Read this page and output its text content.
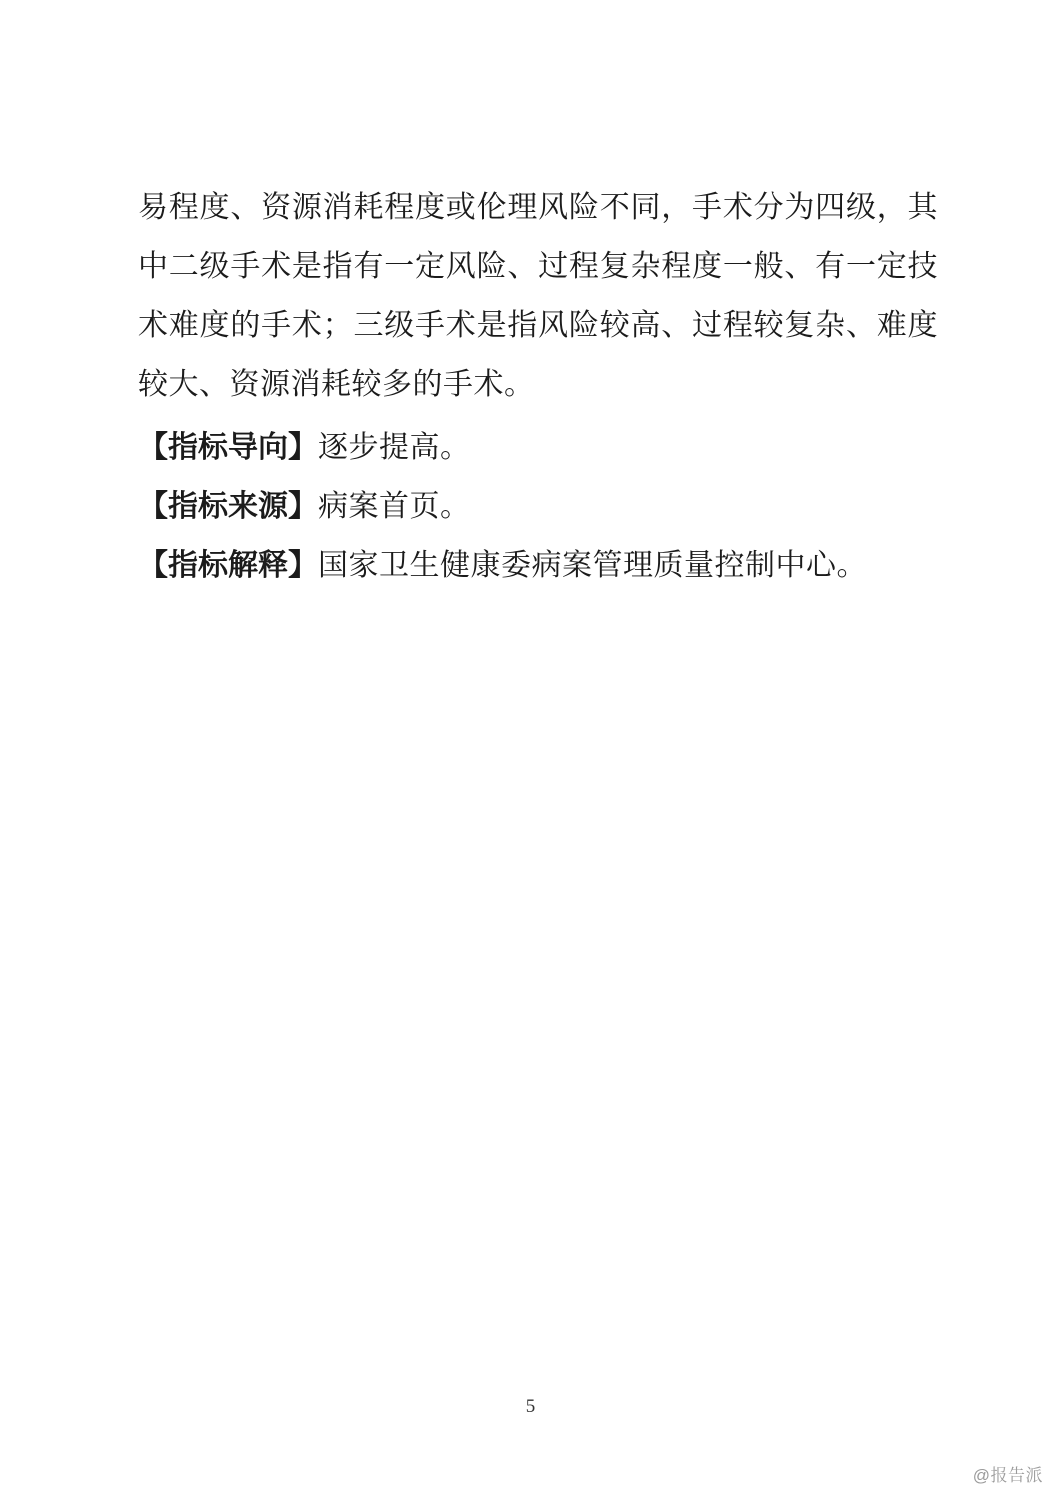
易程度、资源消耗程度或伦理风险不同，手术分为四级，其中二级手术是指有一定风险、过程复杂程度一般、有一定技术难度的手术；三级手术是指风险较高、过程较复杂、难度较大、资源消耗较多的手术。

【指标导向】逐步提高。

【指标来源】病案首页。

【指标解释】国家卫生健康委病案管理质量控制中心。

5
@报告派
